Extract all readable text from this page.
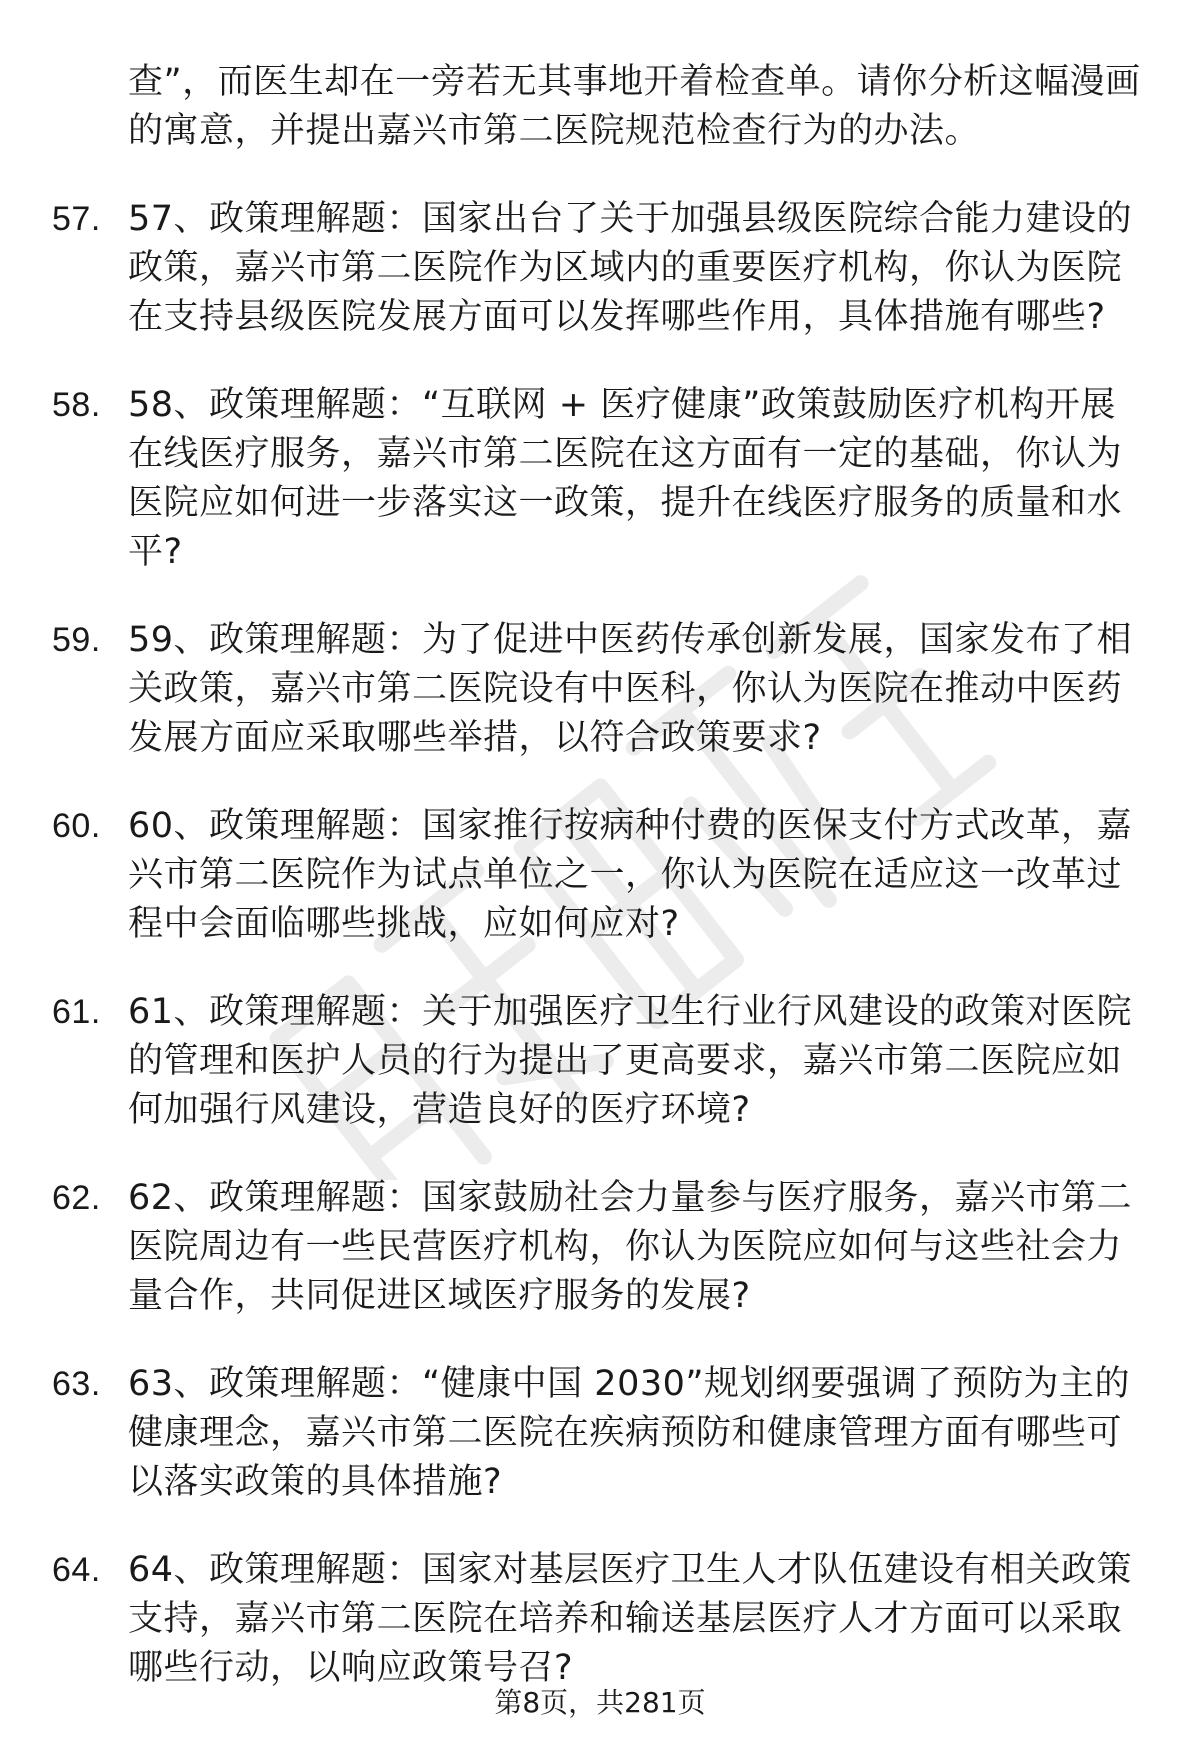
查”，而医生却在一旁若无其事地开着检查单。请你分析这幅漫画的寓意，并提出嘉兴市第二医院规范检查行为的办法。
57. 57、政策理解题：国家出台了关于加强县级医院综合能力建设的政策，嘉兴市第二医院作为区域内的重要医疗机构，你认为医院在支持县级医院发展方面可以发挥哪些作用，具体措施有哪些?
58. 58、政策理解题：“互联网 + 医疗健康”政策鼓励医疗机构开展在线医疗服务，嘉兴市第二医院在这方面有一定的基础，你认为医院应如何进一步落实这一政策，提升在线医疗服务的质量和水平?
59. 59、政策理解题：为了促进中医药传承创新发展，国家发布了相关政策，嘉兴市第二医院设有中医科，你认为医院在推动中医药发展方面应采取哪些举措，以符合政策要求?
60. 60、政策理解题：国家推行按病种付费的医保支付方式改革，嘉兴市第二医院作为试点单位之一，你认为医院在适应这一改革过程中会面临哪些挑战，应如何应对?
61. 61、政策理解题：关于加强医疗卫生行业行风建设的政策对医院的管理和医护人员的行为提出了更高要求，嘉兴市第二医院应如何加强行风建设，营造良好的医疗环境?
62. 62、政策理解题：国家鼓励社会力量参与医疗服务，嘉兴市第二医院周边有一些民营医疗机构，你认为医院应如何与这些社会力量合作，共同促进区域医疗服务的发展?
63. 63、政策理解题：“健康中国 2030”规划纲要强调了预防为主的健康理念，嘉兴市第二医院在疾病预防和健康管理方面有哪些可以落实政策的具体措施?
64. 64、政策理解题：国家对基层医疗卫生人才队伍建设有相关政策支持，嘉兴市第二医院在培养和输送基层医疗人才方面可以采取哪些行动，以响应政策号召?
第8页，共281页
